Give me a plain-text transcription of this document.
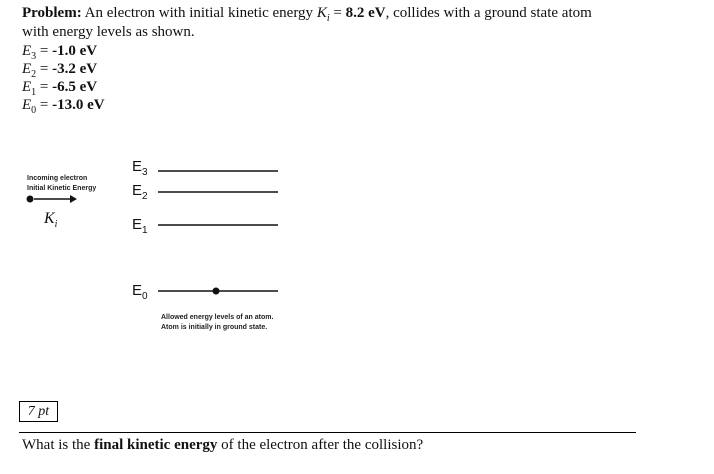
Problem: An electron with initial kinetic energy $K_i = 8.2$ eV, collides with a ground state atom
with energy levels as shown.
$E_3 = -1.0$ eV
$E_2 = -3.2$ eV
$E_1 = -6.5$ eV
$E_0 = -13.0$ eV
Incoming electron
Initial Kinetic Energy
$K_i$
$E_3$
$E_2$
$E_1$
$E_0$
Allowed energy levels of an atom.
Atom is initially in ground state.
7 pt
What is the final kinetic energy of the electron after the collision?
